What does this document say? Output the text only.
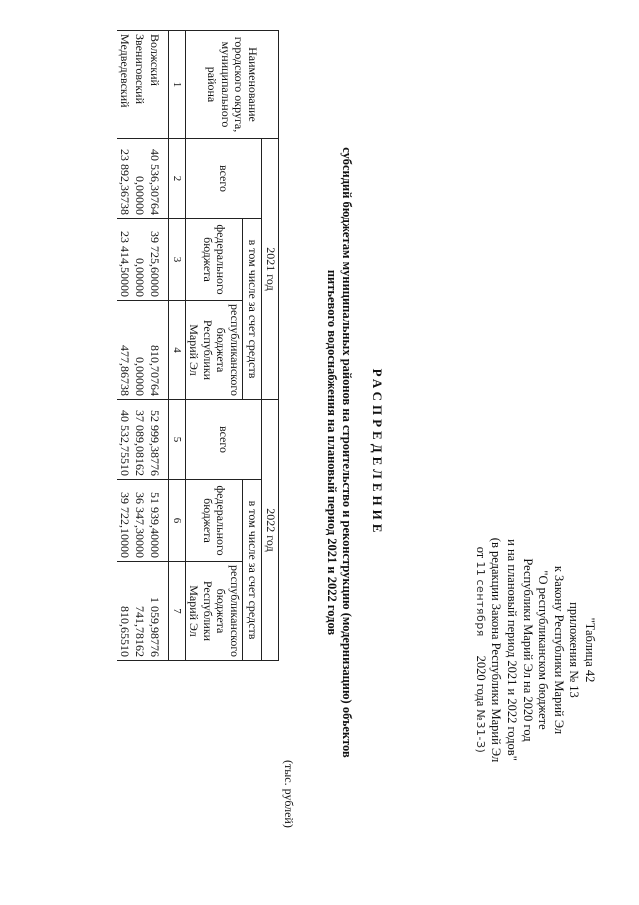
"Таблица 42
приложения № 13
к Закону Республики Марий Эл
"О республиканском бюджете
Республики Марий Эл на 2020 год
и на плановый период 2021 и 2022 годов"
(в редакции Закона Республики Марий Эл
от 11 сентября      2020 года №31-З)
РАСПРЕДЕЛЕНИЕ
субсидий бюджетам муниципальных районов на строительство и реконструкцию (модернизацию) объектов
питьевого водоснабжения на плановый период 2021 и 2022 годов
(тыс. рублей)
Наименование городского округа, муниципального района	2021 год			2022 год		
	всего	в том числе за счет средств		всего	в том числе за счет средств	
		федерального бюджета	республиканского бюджета Республики Марий Эл		федерального бюджета	республиканского бюджета Республики Марий Эл
1	2	3	4	5	6	7
Волжский	40 536,30764	39 725,60000	810,70764	52 999,38776	51 939,40000	1 059,98776
Звениговский	0,00000	0,00000	0,00000	37 089,08162	36 347,30000	741,78162
Медведевский	23 892,36738	23 414,50000	477,86738	40 532,75510	39 722,10000	810,65510
